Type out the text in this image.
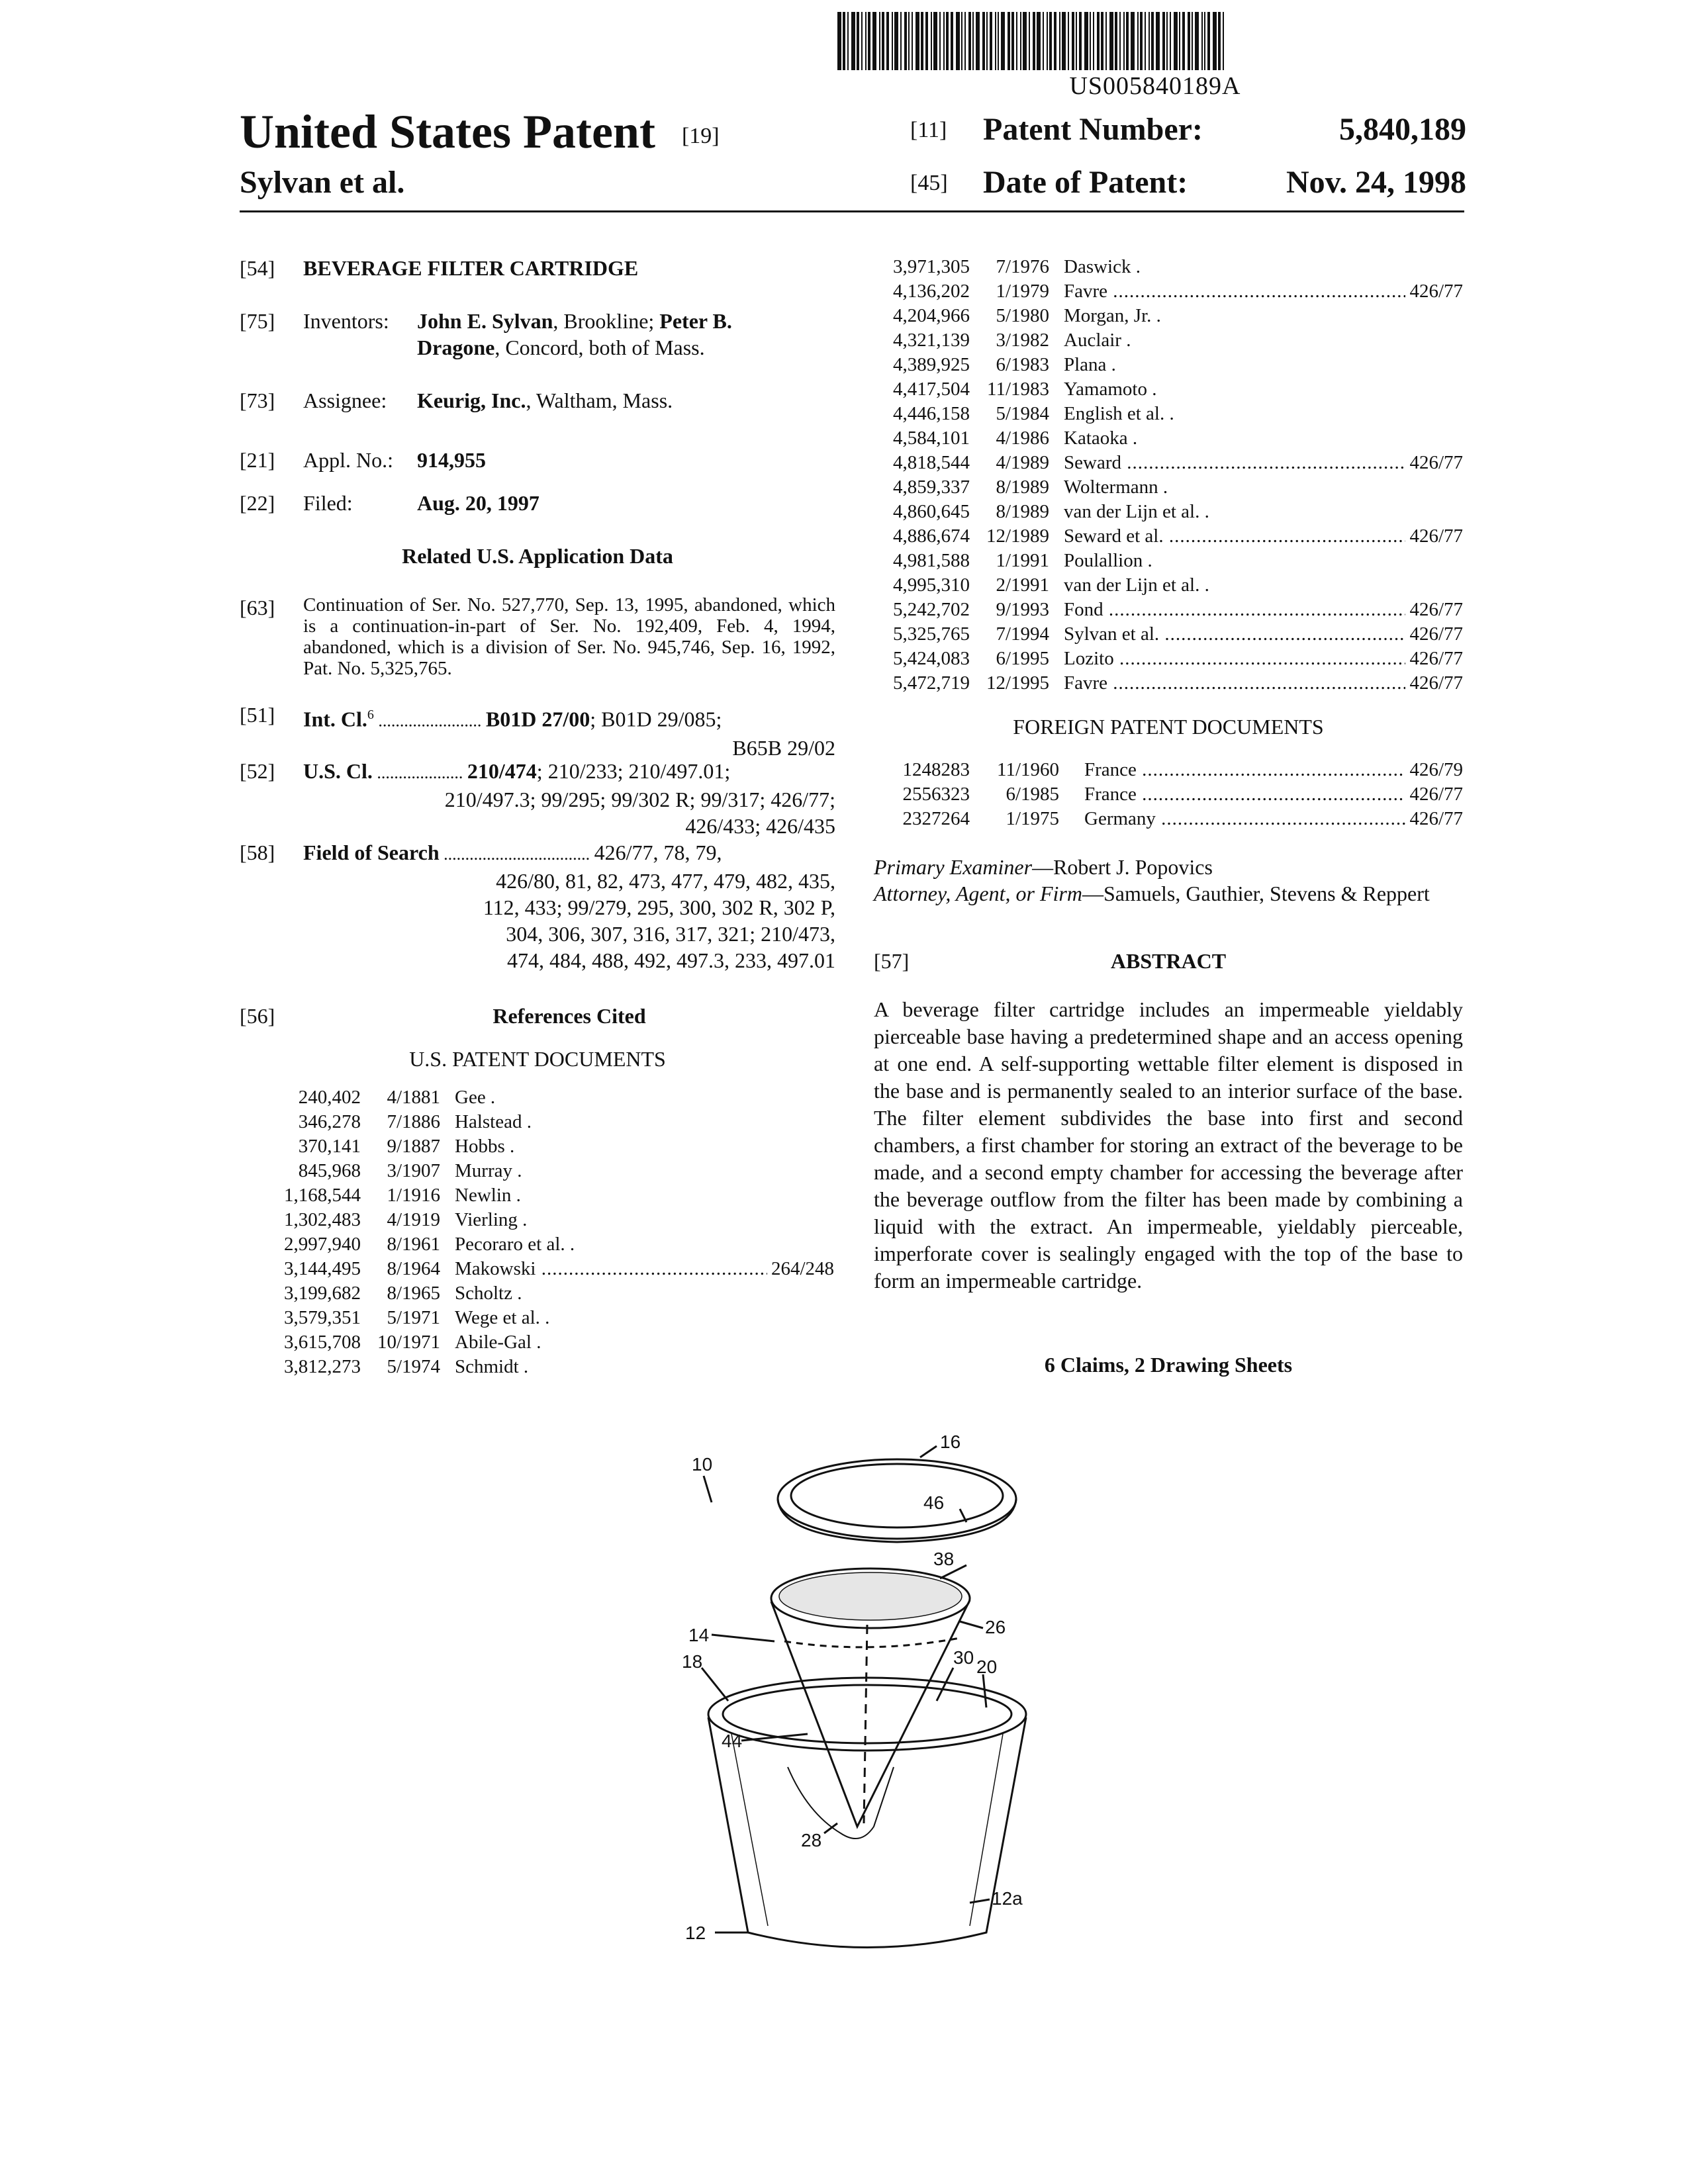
US005840189A
United States Patent [19]
Sylvan et al.
[11]	Patent Number:	5,840,189
[45]	Date of Patent:	Nov. 24, 1998
[54]	BEVERAGE FILTER CARTRIDGE
[75]	Inventors:	John E. Sylvan, Brookline; Peter B.
Dragone, Concord, both of Mass.
[73]	Assignee:	Keurig, Inc., Waltham, Mass.
[21]	Appl. No.:	914,955
[22]	Filed:	Aug. 20, 1997
Related U.S. Application Data
[63]	Continuation of Ser. No. 527,770, Sep. 13, 1995, abandoned, which is a continuation-in-part of Ser. No. 192,409, Feb. 4, 1994, abandoned, which is a division of Ser. No. 945,746, Sep. 16, 1992, Pat. No. 5,325,765.
[51]	Int. Cl.$^6$ ........................ B01D 27/00; B01D 29/085;
B65B 29/02
[52]	U.S. Cl. .................... 210/474; 210/233; 210/497.01;
210/497.3; 99/295; 99/302 R; 99/317; 426/77;
426/433; 426/435
[58]	Field of Search .................................. 426/77, 78, 79,
426/80, 81, 82, 473, 477, 479, 482, 435,
112, 433; 99/279, 295, 300, 302 R, 302 P,
304, 306, 307, 316, 317, 321; 210/473,
474, 484, 488, 492, 497.3, 233, 497.01
[56]	References Cited
U.S. PATENT DOCUMENTS
240,402	4/1881 Gee .
346,278	7/1886 Halstead .
370,141	9/1887 Hobbs .
845,968	3/1907 Murray .
1,168,544	1/1916 Newlin .
1,302,483	4/1919 Vierling .
2,997,940	8/1961 Pecoraro et al. .
3,144,495	8/1964 Makowski .....	264/248
3,199,682	8/1965 Scholtz .
3,579,351	5/1971 Wege et al. .
3,615,708 10/1971 Abile-Gal .
3,812,273	5/1974 Schmidt .
3,971,305	7/1976 Daswick .
4,136,202	1/1979 Favre .....	426/77
4,204,966	5/1980 Morgan, Jr. .
4,321,139	3/1982 Auclair .
4,389,925	6/1983 Plana .
4,417,504 11/1983 Yamamoto .
4,446,158	5/1984 English et al. .
4,584,101	4/1986 Kataoka .
4,818,544	4/1989 Seward .....	426/77
4,859,337	8/1989 Woltermann .
4,860,645	8/1989 van der Lijn et al. .
4,886,674 12/1989 Seward et al. .....	426/77
4,981,588	1/1991 Poulallion .
4,995,310	2/1991 van der Lijn et al. .
5,242,702	9/1993 Fond .....	426/77
5,325,765	7/1994 Sylvan et al. .....	426/77
5,424,083	6/1995 Lozito .....	426/77
5,472,719 12/1995 Favre .....	426/77
FOREIGN PATENT DOCUMENTS
1248283	11/1960 France .....	426/79
2556323	6/1985 France .....	426/77
2327264	1/1975 Germany .....	426/77
Primary Examiner—Robert J. Popovics
Attorney, Agent, or Firm—Samuels, Gauthier, Stevens & Reppert
[57]	ABSTRACT
A beverage filter cartridge includes an impermeable yieldably pierceable base having a predetermined shape and an access opening at one end. A self-supporting wettable filter element is disposed in the base and is permanently sealed to an interior surface of the base. The filter element subdivides the base into first and second chambers, a first chamber for storing an extract of the beverage to be made, and a second empty chamber for accessing the beverage after the beverage outflow from the filter has been made by combining a liquid with the extract. An impermeable, yieldably pierceable, imperforate cover is sealingly engaged with the top of the base to form an impermeable cartridge.
6 Claims, 2 Drawing Sheets
10
16
46
38
26
14
18	30 20
44
28
12
12a
